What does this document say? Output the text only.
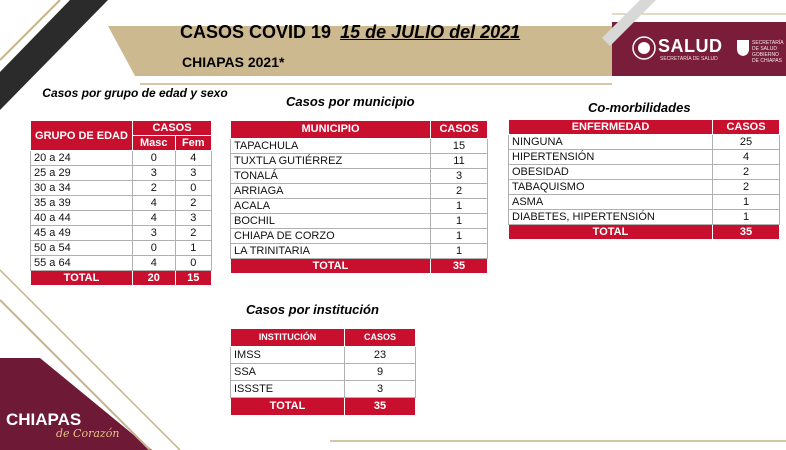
CASOS COVID 19 15 de JULIO del 2021
CHIAPAS 2021*
SALUD
SECRETARÍA DE SALUD
SECRETARÍA DE SALUD GOBIERNO DE CHIAPAS
CHIAPAS
de Corazón
Casos por grupo de edad y sexo
GRUPO DE EDAD	CASOS	
	Masc	Fem
20 a 24	0	4
25 a 29	3	3
30 a 34	2	0
35 a 39	4	2
40 a 44	4	3
45 a 49	3	2
50 a 54	0	1
55 a 64	4	0
TOTAL	20	15
Casos por municipio
MUNICIPIO	CASOS
TAPACHULA	15
TUXTLA GUTIÉRREZ	11
TONALÁ	3
ARRIAGA	2
ACALA	1
BOCHIL	1
CHIAPA DE CORZO	1
LA TRINITARIA	1
TOTAL	35
Co-morbilidades
ENFERMEDAD	CASOS
NINGUNA	25
HIPERTENSIÓN	4
OBESIDAD	2
TABAQUISMO	2
ASMA	1
DIABETES, HIPERTENSIÓN	1
TOTAL	35
Casos por institución
INSTITUCIÓN	CASOS
IMSS	23
SSA	9
ISSSTE	3
TOTAL	35
